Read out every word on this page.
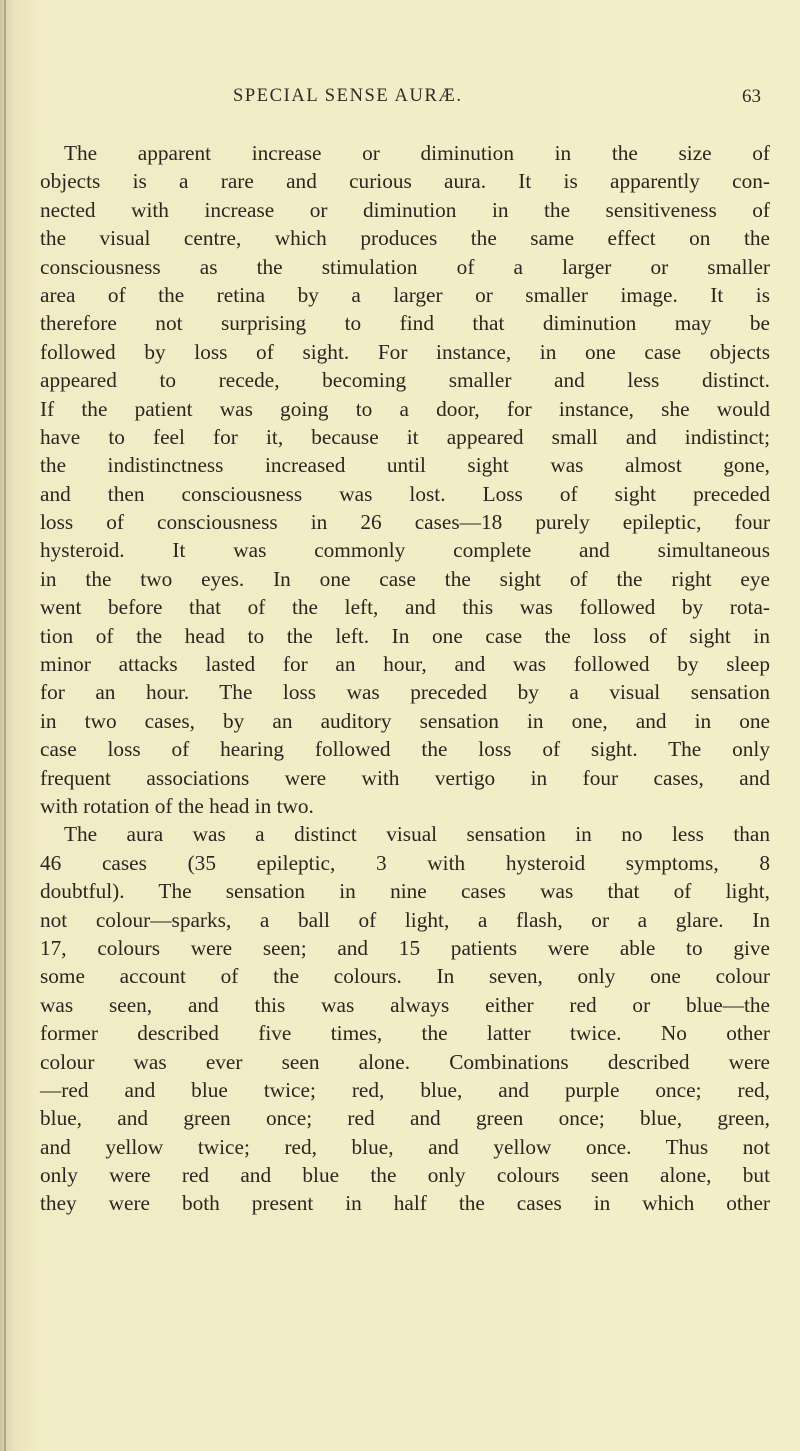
SPECIAL SENSE AURÆ.	63
The apparent increase or diminution in the size of
objects is a rare and curious aura. It is apparently con-
nected with increase or diminution in the sensitiveness of
the visual centre, which produces the same effect on the
consciousness as the stimulation of a larger or smaller
area of the retina by a larger or smaller image. It is
therefore not surprising to find that diminution may be
followed by loss of sight. For instance, in one case objects
appeared to recede, becoming smaller and less distinct.
If the patient was going to a door, for instance, she would
have to feel for it, because it appeared small and indistinct;
the indistinctness increased until sight was almost gone,
and then consciousness was lost. Loss of sight preceded
loss of consciousness in 26 cases—18 purely epileptic, four
hysteroid. It was commonly complete and simultaneous
in the two eyes. In one case the sight of the right eye
went before that of the left, and this was followed by rota-
tion of the head to the left. In one case the loss of sight in
minor attacks lasted for an hour, and was followed by sleep
for an hour. The loss was preceded by a visual sensation
in two cases, by an auditory sensation in one, and in one
case loss of hearing followed the loss of sight. The only
frequent associations were with vertigo in four cases, and
with rotation of the head in two.
The aura was a distinct visual sensation in no less than
46 cases (35 epileptic, 3 with hysteroid symptoms, 8
doubtful). The sensation in nine cases was that of light,
not colour—sparks, a ball of light, a flash, or a glare. In
17, colours were seen; and 15 patients were able to give
some account of the colours. In seven, only one colour
was seen, and this was always either red or blue—the
former described five times, the latter twice. No other
colour was ever seen alone. Combinations described were
—red and blue twice; red, blue, and purple once; red,
blue, and green once; red and green once; blue, green,
and yellow twice; red, blue, and yellow once. Thus not
only were red and blue the only colours seen alone, but
they were both present in half the cases in which other
